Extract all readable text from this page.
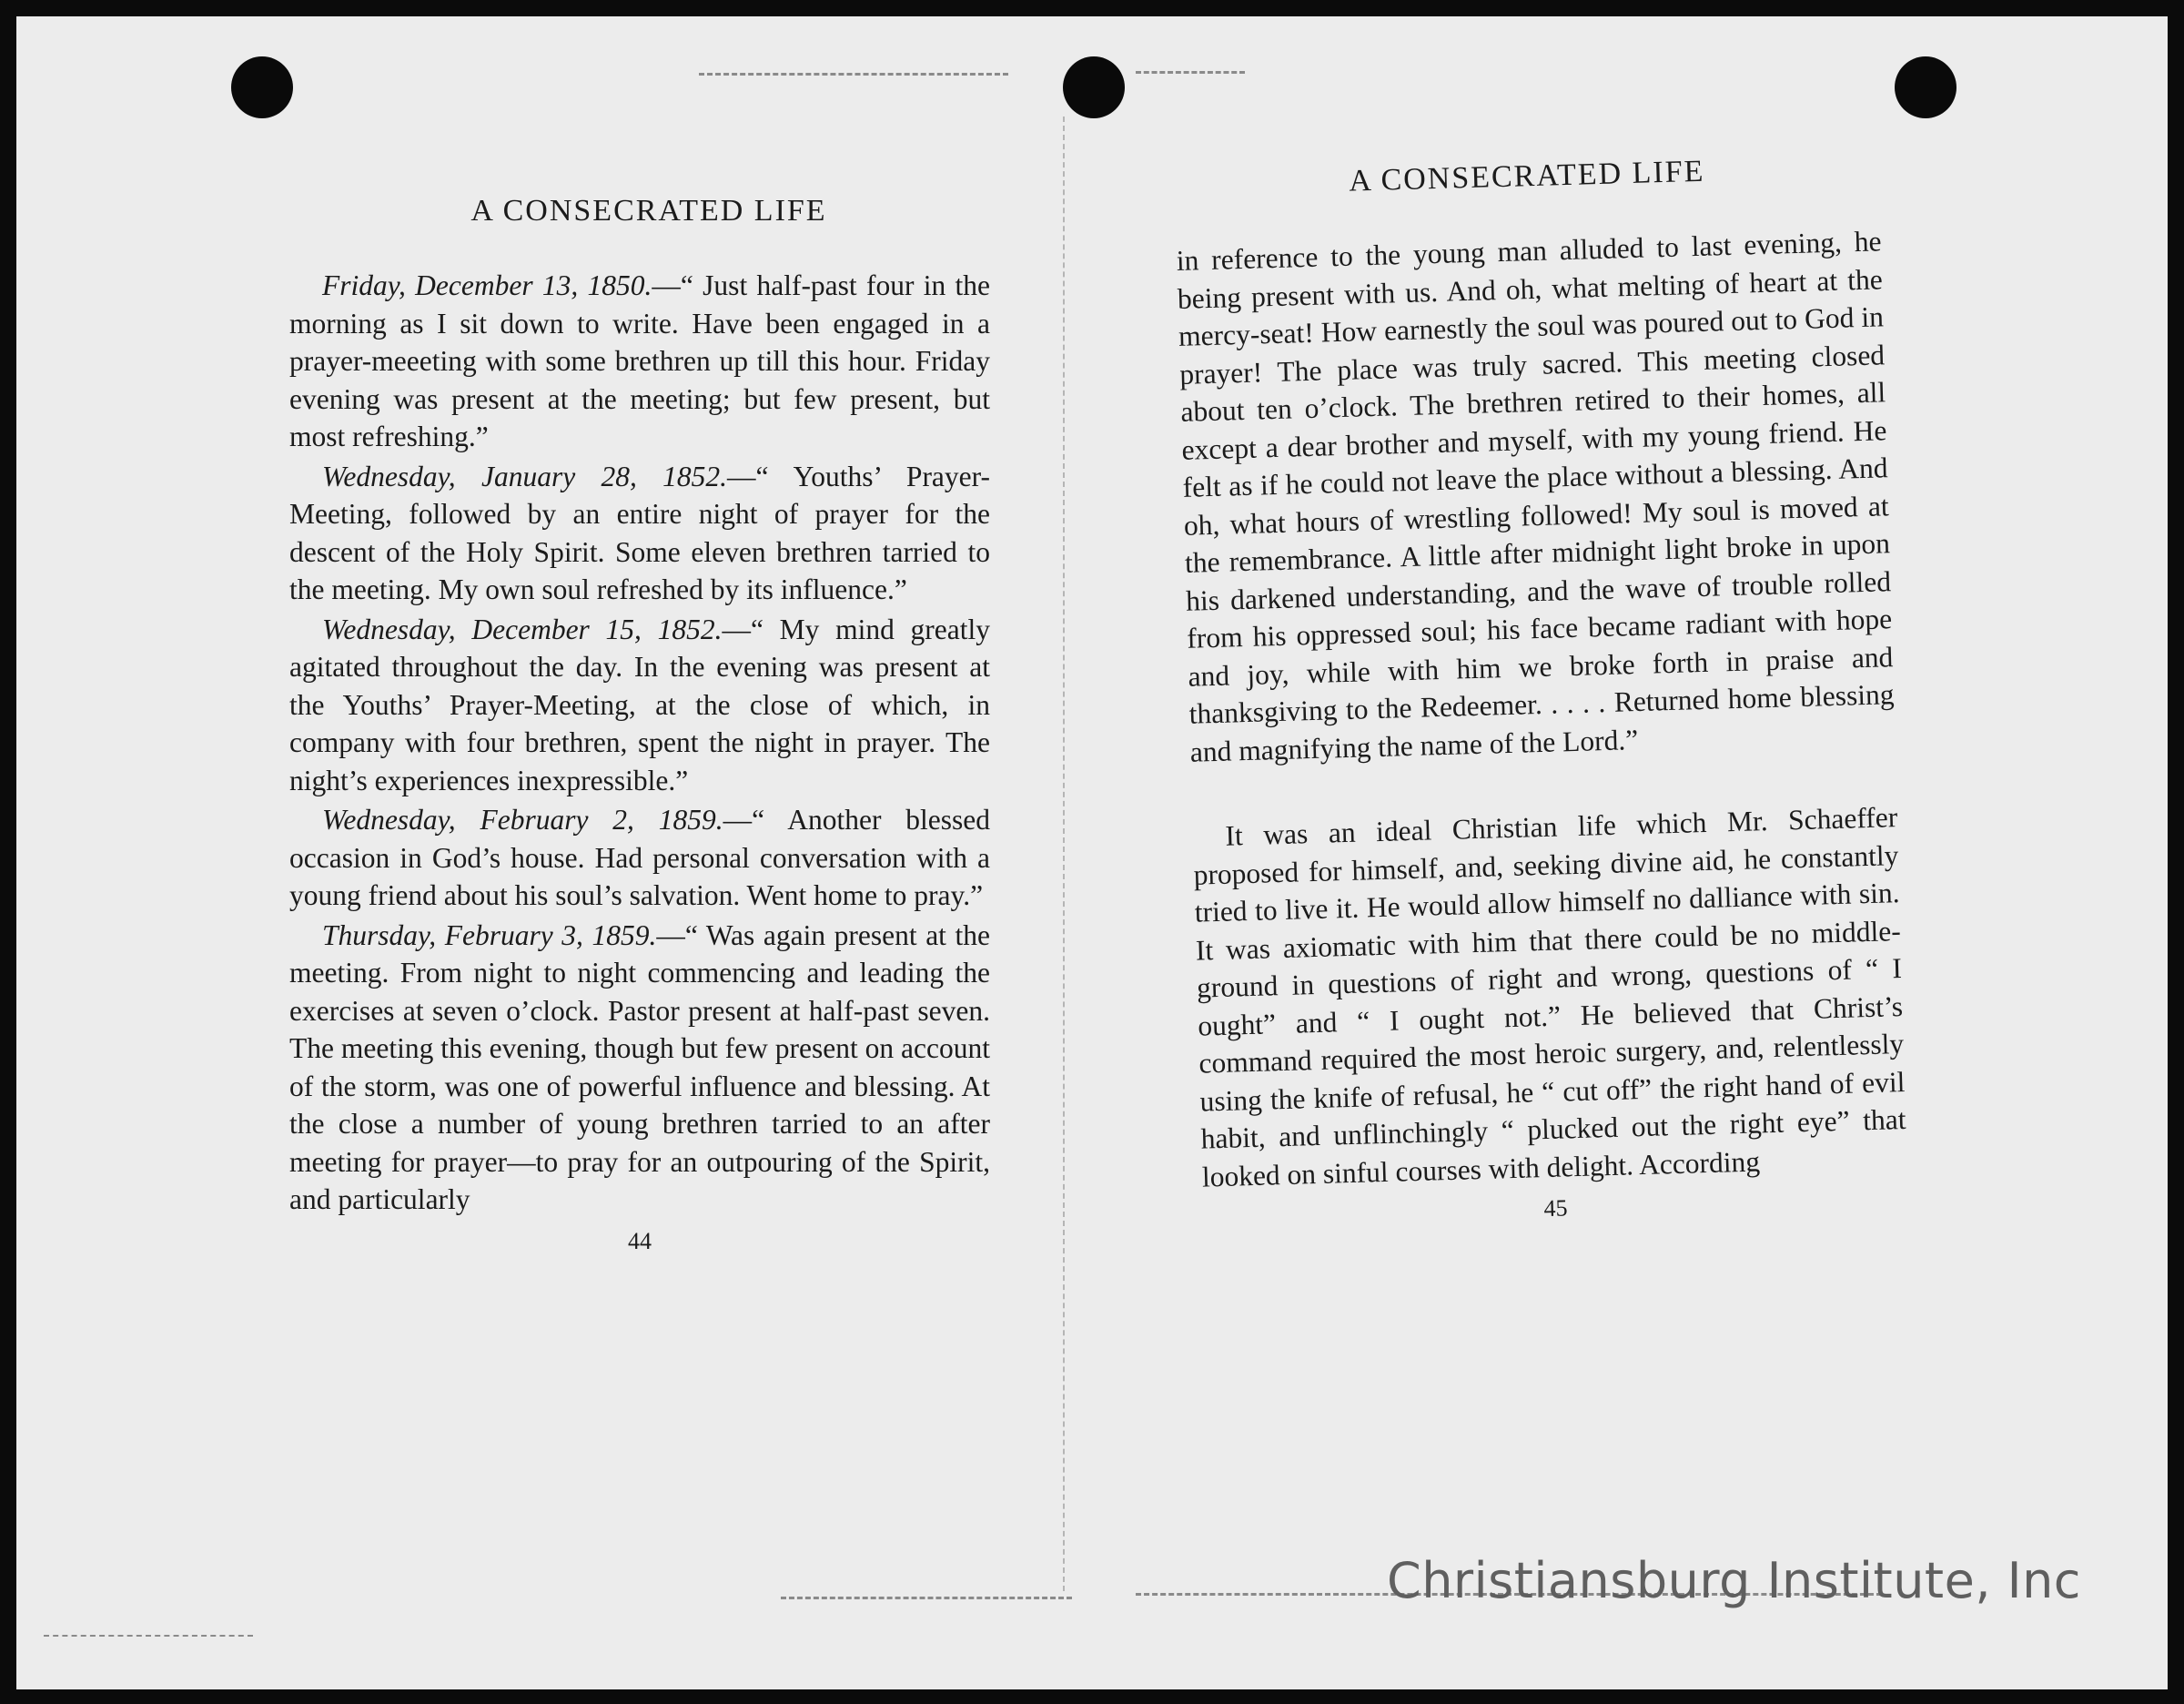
A CONSECRATED LIFE

Friday, December 13, 1850.—“ Just half-past four in the morning as I sit down to write. Have been engaged in a prayer-meeeting with some brethren up till this hour. Friday evening was present at the meeting; but few present, but most refreshing.”

Wednesday, January 28, 1852.—“ Youths’ Prayer-Meeting, followed by an entire night of prayer for the descent of the Holy Spirit. Some eleven brethren tarried to the meeting. My own soul refreshed by its influence.”

Wednesday, December 15, 1852.—“ My mind greatly agitated throughout the day. In the evening was present at the Youths’ Prayer-Meeting, at the close of which, in company with four brethren, spent the night in prayer. The night’s experiences inexpressible.”

Wednesday, February 2, 1859.—“ Another blessed occasion in God’s house. Had personal conversation with a young friend about his soul’s salvation. Went home to pray.”

Thursday, February 3, 1859.—“ Was again present at the meeting. From night to night commencing and leading the exercises at seven o’clock. Pastor present at half-past seven. The meeting this evening, though but few present on account of the storm, was one of powerful influence and blessing. At the close a number of young brethren tarried to an after meeting for prayer—to pray for an outpouring of the Spirit, and particularly

44
A CONSECRATED LIFE

in reference to the young man alluded to last evening, he being present with us. And oh, what melting of heart at the mercy-seat! How earnestly the soul was poured out to God in prayer! The place was truly sacred. This meeting closed about ten o’clock. The brethren retired to their homes, all except a dear brother and myself, with my young friend. He felt as if he could not leave the place without a blessing. And oh, what hours of wrestling followed! My soul is moved at the remembrance. A little after midnight light broke in upon his darkened understanding, and the wave of trouble rolled from his oppressed soul; his face became radiant with hope and joy, while with him we broke forth in praise and thanksgiving to the Redeemer. . . . . Returned home blessing and magnifying the name of the Lord.”

It was an ideal Christian life which Mr. Schaeffer proposed for himself, and, seeking divine aid, he constantly tried to live it. He would allow himself no dalliance with sin. It was axiomatic with him that there could be no middle-ground in questions of right and wrong, questions of “ I ought” and “ I ought not.” He believed that Christ’s command required the most heroic surgery, and, relentlessly using the knife of refusal, he “ cut off” the right hand of evil habit, and unflinchingly “ plucked out the right eye” that looked on sinful courses with delight. According

45
Christiansburg Institute, Inc
